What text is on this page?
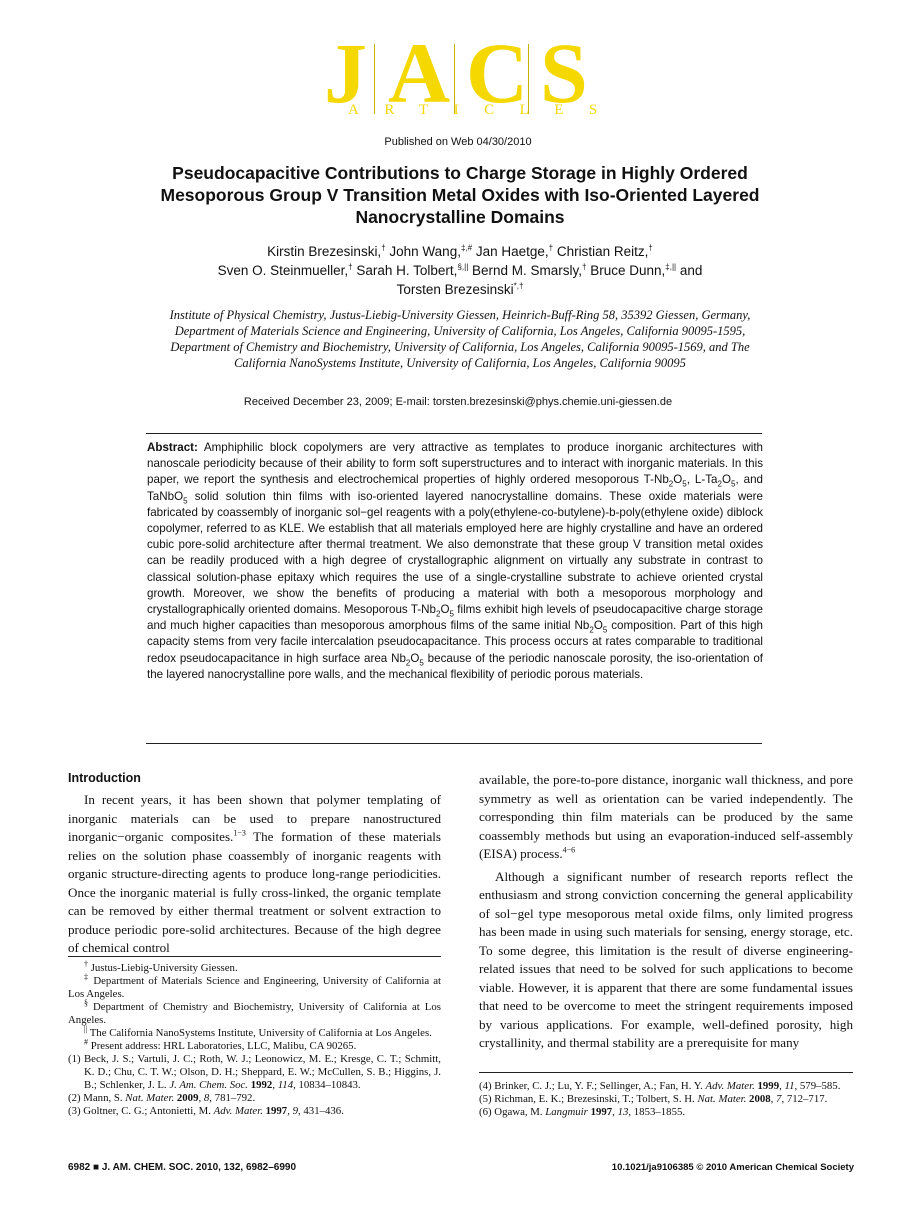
J A C S
ARTICLES
Published on Web 04/30/2010
Pseudocapacitive Contributions to Charge Storage in Highly Ordered Mesoporous Group V Transition Metal Oxides with Iso-Oriented Layered Nanocrystalline Domains
Kirstin Brezesinski,† John Wang,‡,# Jan Haetge,† Christian Reitz,†
Sven O. Steinmueller,† Sarah H. Tolbert,§,|| Bernd M. Smarsly,† Bruce Dunn,‡,|| and
Torsten Brezesinski*,†
Institute of Physical Chemistry, Justus-Liebig-University Giessen, Heinrich-Buff-Ring 58, 35392 Giessen, Germany, Department of Materials Science and Engineering, University of California, Los Angeles, California 90095-1595, Department of Chemistry and Biochemistry, University of California, Los Angeles, California 90095-1569, and The California NanoSystems Institute, University of California, Los Angeles, California 90095
Received December 23, 2009; E-mail: torsten.brezesinski@phys.chemie.uni-giessen.de
Abstract: Amphiphilic block copolymers are very attractive as templates to produce inorganic architectures with nanoscale periodicity because of their ability to form soft superstructures and to interact with inorganic materials. In this paper, we report the synthesis and electrochemical properties of highly ordered mesoporous $T-Nb_2O_5$, $L-Ta_2O_5$, and TaNbO$_5$ solid solution thin films with iso-oriented layered nanocrystalline domains. These oxide materials were fabricated by coassembly of inorganic sol−gel reagents with a poly(ethylene-co-butylene)-b-poly(ethylene oxide) diblock copolymer, referred to as KLE. We establish that all materials employed here are highly crystalline and have an ordered cubic pore-solid architecture after thermal treatment. We also demonstrate that these group V transition metal oxides can be readily produced with a high degree of crystallographic alignment on virtually any substrate in contrast to classical solution-phase epitaxy which requires the use of a single-crystalline substrate to achieve oriented crystal growth. Moreover, we show the benefits of producing a material with both a mesoporous morphology and crystallographically oriented domains. Mesoporous $T-Nb_2O_5$ films exhibit high levels of pseudocapacitive charge storage and much higher capacities than mesoporous amorphous films of the same initial $Nb_2O_5$ composition. Part of this high capacity stems from very facile intercalation pseudocapacitance. This process occurs at rates comparable to traditional redox pseudocapacitance in high surface area $Nb_2O_5$ because of the periodic nanoscale porosity, the iso-orientation of the layered nanocrystalline pore walls, and the mechanical flexibility of periodic porous materials.
Introduction

In recent years, it has been shown that polymer templating of inorganic materials can be used to prepare nanostructured inorganic−organic composites.$^{1-3}$ The formation of these materials relies on the solution phase coassembly of inorganic reagents with organic structure-directing agents to produce long-range periodicities. Once the inorganic material is fully cross-linked, the organic template can be removed by either thermal treatment or solvent extraction to produce periodic pore-solid architectures. Because of the high degree of chemical control

† Justus-Liebig-University Giessen.
‡ Department of Materials Science and Engineering, University of California at Los Angeles.
§ Department of Chemistry and Biochemistry, University of California at Los Angeles.
|| The California NanoSystems Institute, University of California at Los Angeles.
# Present address: HRL Laboratories, LLC, Malibu, CA 90265.
(1) Beck, J. S.; Vartuli, J. C.; Roth, W. J.; Leonowicz, M. E.; Kresge, C. T.; Schmitt, K. D.; Chu, C. T. W.; Olson, D. H.; Sheppard, E. W.; McCullen, S. B.; Higgins, J. B.; Schlenker, J. L. J. Am. Chem. Soc. 1992, 114, 10834–10843.
(2) Mann, S. Nat. Mater. 2009, 8, 781–792.
(3) Goltner, C. G.; Antonietti, M. Adv. Mater. 1997, 9, 431–436.

available, the pore-to-pore distance, inorganic wall thickness, and pore symmetry as well as orientation can be varied independently. The corresponding thin film materials can be produced by the same coassembly methods but using an evaporation-induced self-assembly (EISA) process.$^{4-6}$

Although a significant number of research reports reflect the enthusiasm and strong conviction concerning the general applicability of sol−gel type mesoporous metal oxide films, only limited progress has been made in using such materials for sensing, energy storage, etc. To some degree, this limitation is the result of diverse engineering-related issues that need to be solved for such applications to become viable. However, it is apparent that there are some fundamental issues that need to be overcome to meet the stringent requirements imposed by various applications. For example, well-defined porosity, high crystallinity, and thermal stability are a prerequisite for many

(4) Brinker, C. J.; Lu, Y. F.; Sellinger, A.; Fan, H. Y. Adv. Mater. 1999, 11, 579–585.
(5) Richman, E. K.; Brezesinski, T.; Tolbert, S. H. Nat. Mater. 2008, 7, 712–717.
(6) Ogawa, M. Langmuir 1997, 13, 1853–1855.
6982 ■ J. AM. CHEM. SOC. 2010, 132, 6982–6990	10.1021/ja9106385 © 2010 American Chemical Society
